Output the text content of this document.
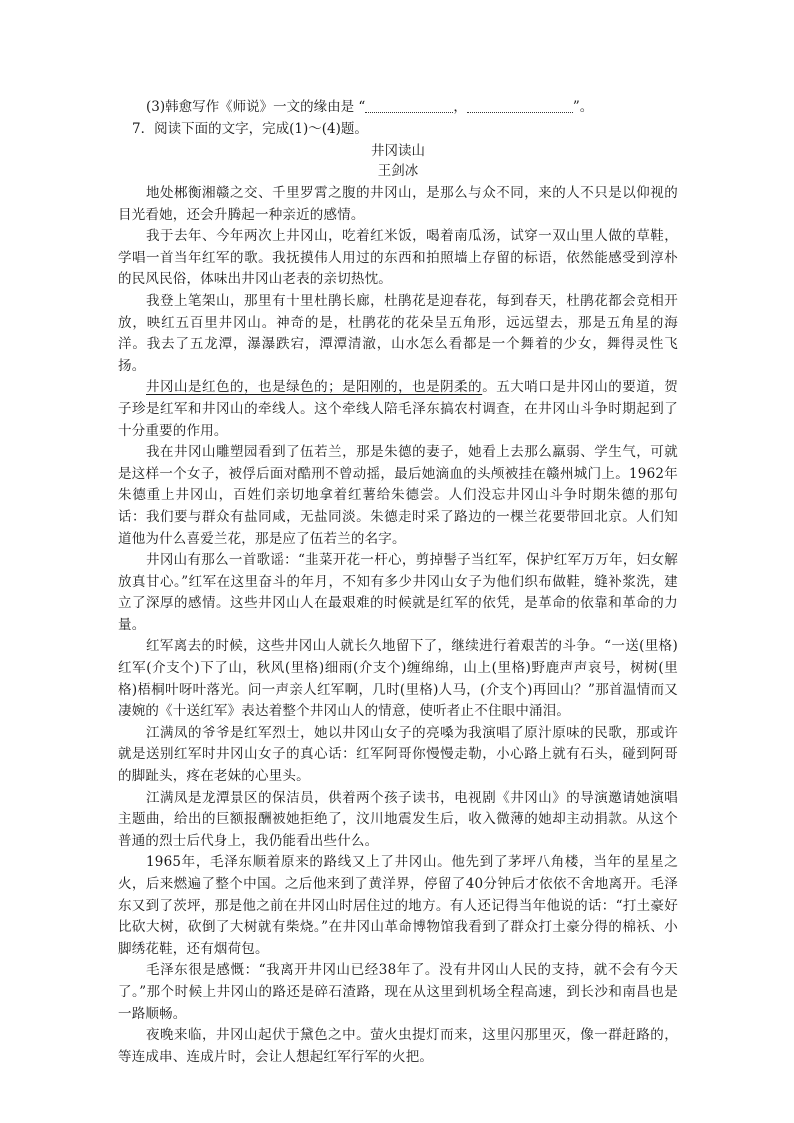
(3)韩愈写作《师说》一文的缘由是 “	，	”。

7．阅读下面的文字，完成(1)～(4)题。

井冈读山

王剑冰

地处郴衡湘赣之交、千里罗霄之腹的井冈山，是那么与众不同，来的人不只是以仰视的目光看她，还会升腾起一种亲近的感情。

我于去年、今年两次上井冈山，吃着红米饭，喝着南瓜汤，试穿一双山里人做的草鞋，学唱一首当年红军的歌。我抚摸伟人用过的东西和拍照墙上存留的标语，依然能感受到淳朴的民风民俗，体味出井冈山老表的亲切热忱。

我登上笔架山，那里有十里杜鹃长廊，杜鹃花是迎春花，每到春天，杜鹃花都会竞相开放，映红五百里井冈山。神奇的是，杜鹃花的花朵呈五角形，远远望去，那是五角星的海洋。我去了五龙潭，瀑瀑跌宕，潭潭清澈，山水怎么看都是一个舞着的少女，舞得灵性飞扬。

井冈山是红色的，也是绿色的；是阳刚的，也是阴柔的。五大哨口是井冈山的要道，贺子珍是红军和井冈山的牵线人。这个牵线人陪毛泽东搞农村调查，在井冈山斗争时期起到了十分重要的作用。

我在井冈山雕塑园看到了伍若兰，那是朱德的妻子，她看上去那么羸弱、学生气，可就是这样一个女子，被俘后面对酷刑不曾动摇，最后她滴血的头颅被挂在赣州城门上。1962年朱德重上井冈山，百姓们亲切地拿着红薯给朱德尝。人们没忘井冈山斗争时期朱德的那句话：我们要与群众有盐同咸，无盐同淡。朱德走时采了路边的一棵兰花要带回北京。人们知道他为什么喜爱兰花，那是应了伍若兰的名字。

井冈山有那么一首歌谣：“韭菜开花一杆心，剪掉髻子当红军，保护红军万万年，妇女解放真甘心。”红军在这里奋斗的年月，不知有多少井冈山女子为他们织布做鞋，缝补浆洗，建立了深厚的感情。这些井冈山人在最艰难的时候就是红军的依凭，是革命的依靠和革命的力量。

红军离去的时候，这些井冈山人就长久地留下了，继续进行着艰苦的斗争。“一送(里格)红军(介支个)下了山，秋风(里格)细雨(介支个)缠绵绵，山上(里格)野鹿声声哀号，树树(里格)梧桐叶呀叶落光。问一声亲人红军啊，几时(里格)人马，(介支个)再回山？”那首温情而又凄婉的《十送红军》表达着整个井冈山人的情意，使听者止不住眼中涌泪。

江满凤的爷爷是红军烈士，她以井冈山女子的亮嗓为我演唱了原汁原味的民歌，那或许就是送别红军时井冈山女子的真心话：红军阿哥你慢慢走勒，小心路上就有石头，碰到阿哥的脚趾头，疼在老妹的心里头。

江满凤是龙潭景区的保洁员，供着两个孩子读书，电视剧《井冈山》的导演邀请她演唱主题曲，给出的巨额报酬被她拒绝了，汶川地震发生后，收入微薄的她却主动捐款。从这个普通的烈士后代身上，我仍能看出些什么。

1965年，毛泽东顺着原来的路线又上了井冈山。他先到了茅坪八角楼，当年的星星之火，后来燃遍了整个中国。之后他来到了黄洋界，停留了40分钟后才依依不舍地离开。毛泽东又到了茨坪，那是他之前在井冈山时居住过的地方。有人还记得当年他说的话：“打土豪好比砍大树，砍倒了大树就有柴烧。”在井冈山革命博物馆我看到了群众打土豪分得的棉袄、小脚绣花鞋，还有烟荷包。

毛泽东很是感慨：“我离开井冈山已经38年了。没有井冈山人民的支持，就不会有今天了。”那个时候上井冈山的路还是碎石渣路，现在从这里到机场全程高速，到长沙和南昌也是一路顺畅。

夜晚来临，井冈山起伏于黛色之中。萤火虫提灯而来，这里闪那里灭，像一群赶路的，等连成串、连成片时，会让人想起红军行军的火把。
